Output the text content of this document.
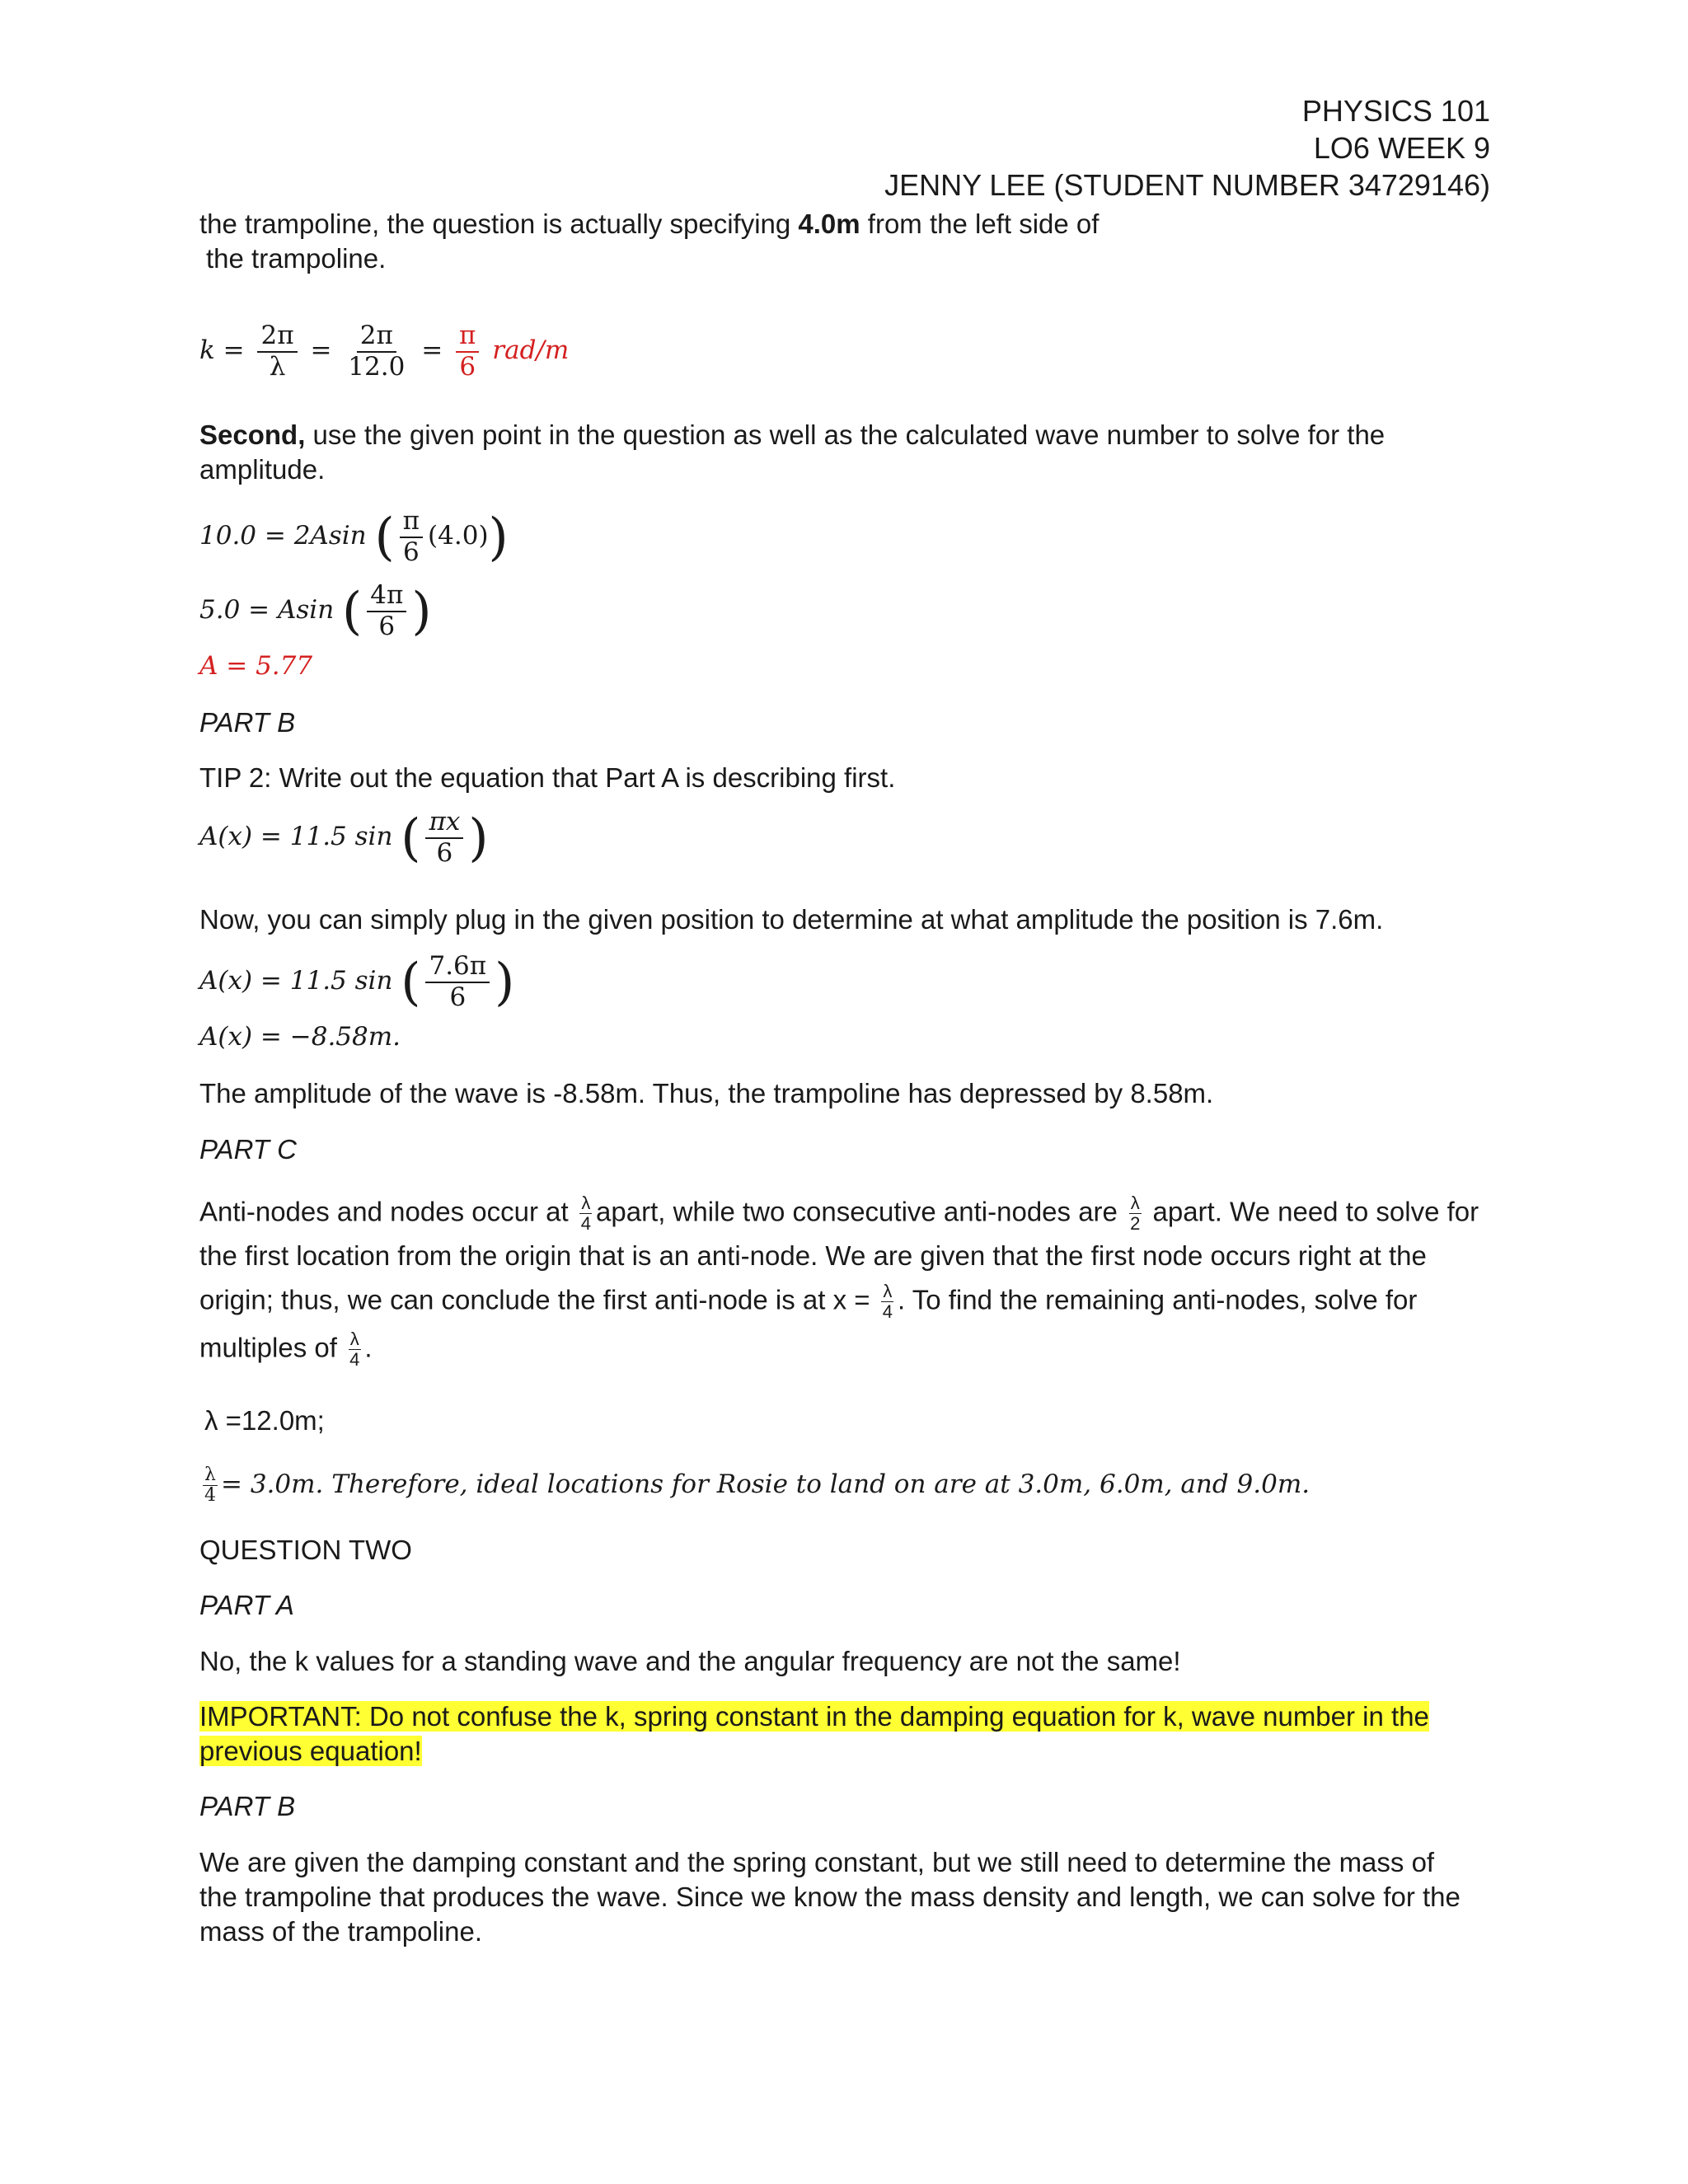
PHYSICS 101
LO6 WEEK 9
JENNY LEE (STUDENT NUMBER 34729146)
the trampoline, the question is actually specifying 4.0m from the left side of
the trampoline.
$k = \frac{2\pi}{\lambda} = \frac{2\pi}{12.0} = \frac{\pi}{6} rad/m$
Second, use the given point in the question as well as the calculated wave number to solve for the
amplitude.
10.0 = 2Asin ( $\frac{\pi}{6} (4.0)$)
5.0 = Asin ( $\frac{4\pi}{6}$ )
A = 5.77
PART B
TIP 2: Write out the equation that Part A is describing first.
A(x) = 11.5 sin ( $\frac{\pi x}{6}$ )
Now, you can simply plug in the given position to determine at what amplitude the position is 7.6m.
A(x) = 11.5 sin ( $\frac{7.6\pi}{6}$ )
A(x) = −8.58m.
The amplitude of the wave is -8.58m. Thus, the trampoline has depressed by 8.58m.
PART C
Anti-nodes and nodes occur at $\frac{\lambda}{4}$ apart, while two consecutive anti-nodes are $\frac{\lambda}{2}$ apart. We need to solve for
the first location from the origin that is an anti-node. We are given that the first node occurs right at the
origin; thus, we can conclude the first anti-node is at $x = \frac{\lambda}{4}$ . To find the remaining anti-nodes, solve for
multiples of $\frac{\lambda}{4}$ .
λ =12.0m;
$\frac{\lambda}{4} = 3.0m$. Therefore, ideal locations for Rosie to land on are at 3.0m, 6.0m, and 9.0m.
QUESTION TWO
PART A
No, the k values for a standing wave and the angular frequency are not the same!
IMPORTANT: Do not confuse the k, spring constant in the damping equation for k, wave number in the
previous equation!
PART B
We are given the damping constant and the spring constant, but we still need to determine the mass of
the trampoline that produces the wave. Since we know the mass density and length, we can solve for the
mass of the trampoline.
